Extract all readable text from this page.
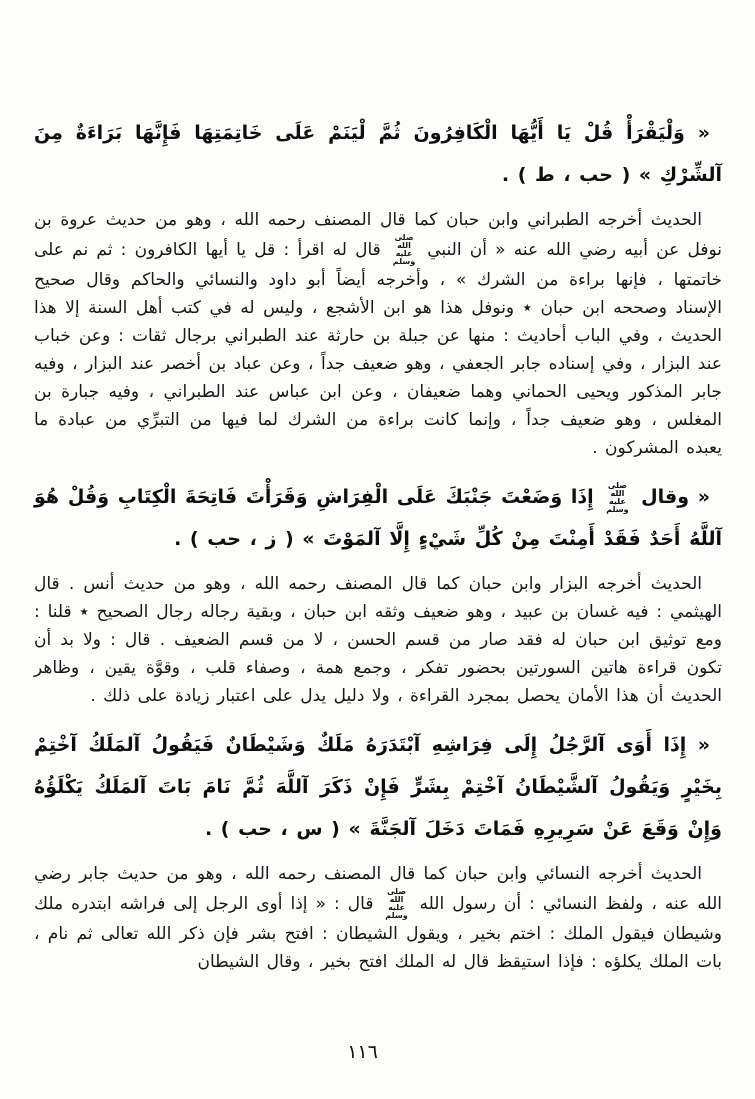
« وَلْيَقْرَأْ قُلْ يَا أَيُّهَا الْكَافِرُونَ ثُمَّ لْيَنَمْ عَلَى خَاتِمَتِهَا فَإِنَّهَا بَرَاءَةٌ مِنَ آلشِّرْكِ » ( حب ، ط ) .

الحديث أخرجه الطبراني وابن حبان كما قال المصنف رحمه الله ، وهو من حديث عروة بن نوفل عن أبيه رضي الله عنه « أن النبي صلى الله عليه وسلم قال له اقرأ : قل يا أيها الكافرون : ثم نم على خاتمتها ، فإنها براءة من الشرك » ، وأخرجه أيضاً أبو داود والنسائي والحاكم وقال صحيح الإسناد وصححه ابن حبان ٭ ونوفل هذا هو ابن الأشجع ، وليس له في كتب أهل السنة إلا هذا الحديث ، وفي الباب أحاديث : منها عن جبلة بن حارثة عند الطبراني برجال ثقات : وعن خباب عند البزار ، وفي إسناده جابر الجعفي ، وهو ضعيف جداً ، وعن عباد بن أخصر عند البزار ، وفيه جابر المذكور ويحيى الحماني وهما ضعيفان ، وعن ابن عباس عند الطبراني ، وفيه جبارة بن المغلس ، وهو ضعيف جداً ، وإنما كانت براءة من الشرك لما فيها من التبرِّي من عبادة ما يعبده المشركون .

« وقال صلى الله عليه وسلم إِذَا وَضَعْتَ جَنْبَكَ عَلَى الْفِرَاشِ وَقَرَأْتَ فَاتِحَةَ الْكِتَابِ وَقُلْ هُوَ آللَّهُ أَحَدٌ فَقَدْ أَمِنْتَ مِنْ كُلِّ شَيْءٍ إِلَّا آلمَوْتَ » ( ز ، حب ) .

الحديث أخرجه البزار وابن حبان كما قال المصنف رحمه الله ، وهو من حديث أنس . قال الهيثمي : فيه غسان بن عبيد ، وهو ضعيف وثقه ابن حبان ، وبقية رجاله رجال الصحيح ٭ قلنا : ومع توثيق ابن حبان له فقد صار من قسم الحسن ، لا من قسم الضعيف . قال : ولا بد أن تكون قراءة هاتين السورتين بحضور تفكر ، وجمع همة ، وصفاء قلب ، وقوَّة يقين ، وظاهر الحديث أن هذا الأمان يحصل بمجرد القراءة ، ولا دليل يدل على اعتبار زيادة على ذلك .

« إِذَا أَوَى آلرَّجُلُ إِلَى فِرَاشِهِ آبْتَدَرَهُ مَلَكٌ وَشَيْطَانٌ فَيَقُولُ آلمَلَكُ آخْتِمْ بِخَيْرٍ وَيَقُولُ آلشَّيْطَانُ آخْتِمْ بِشَرٍّ فَإِنْ ذَكَرَ آللَّهَ ثُمَّ نَامَ بَاتَ آلمَلَكُ يَكْلَؤُهُ وَإِنْ وَقَعَ عَنْ سَرِيرِهِ فَمَاتَ دَخَلَ آلجَنَّةَ » ( س ، حب ) .

الحديث أخرجه النسائي وابن حبان كما قال المصنف رحمه الله ، وهو من حديث جابر رضي الله عنه ، ولفظ النسائي : أن رسول الله صلى الله عليه وسلم قال : « إذا أوى الرجل إلى فراشه ابتدره ملك وشيطان فيقول الملك : اختم بخير ، ويقول الشيطان : افتح بشر فإن ذكر الله تعالى ثم نام ، بات الملك يكلؤه : فإذا استيقظ قال له الملك افتح بخير ، وقال الشيطان

١١٦
